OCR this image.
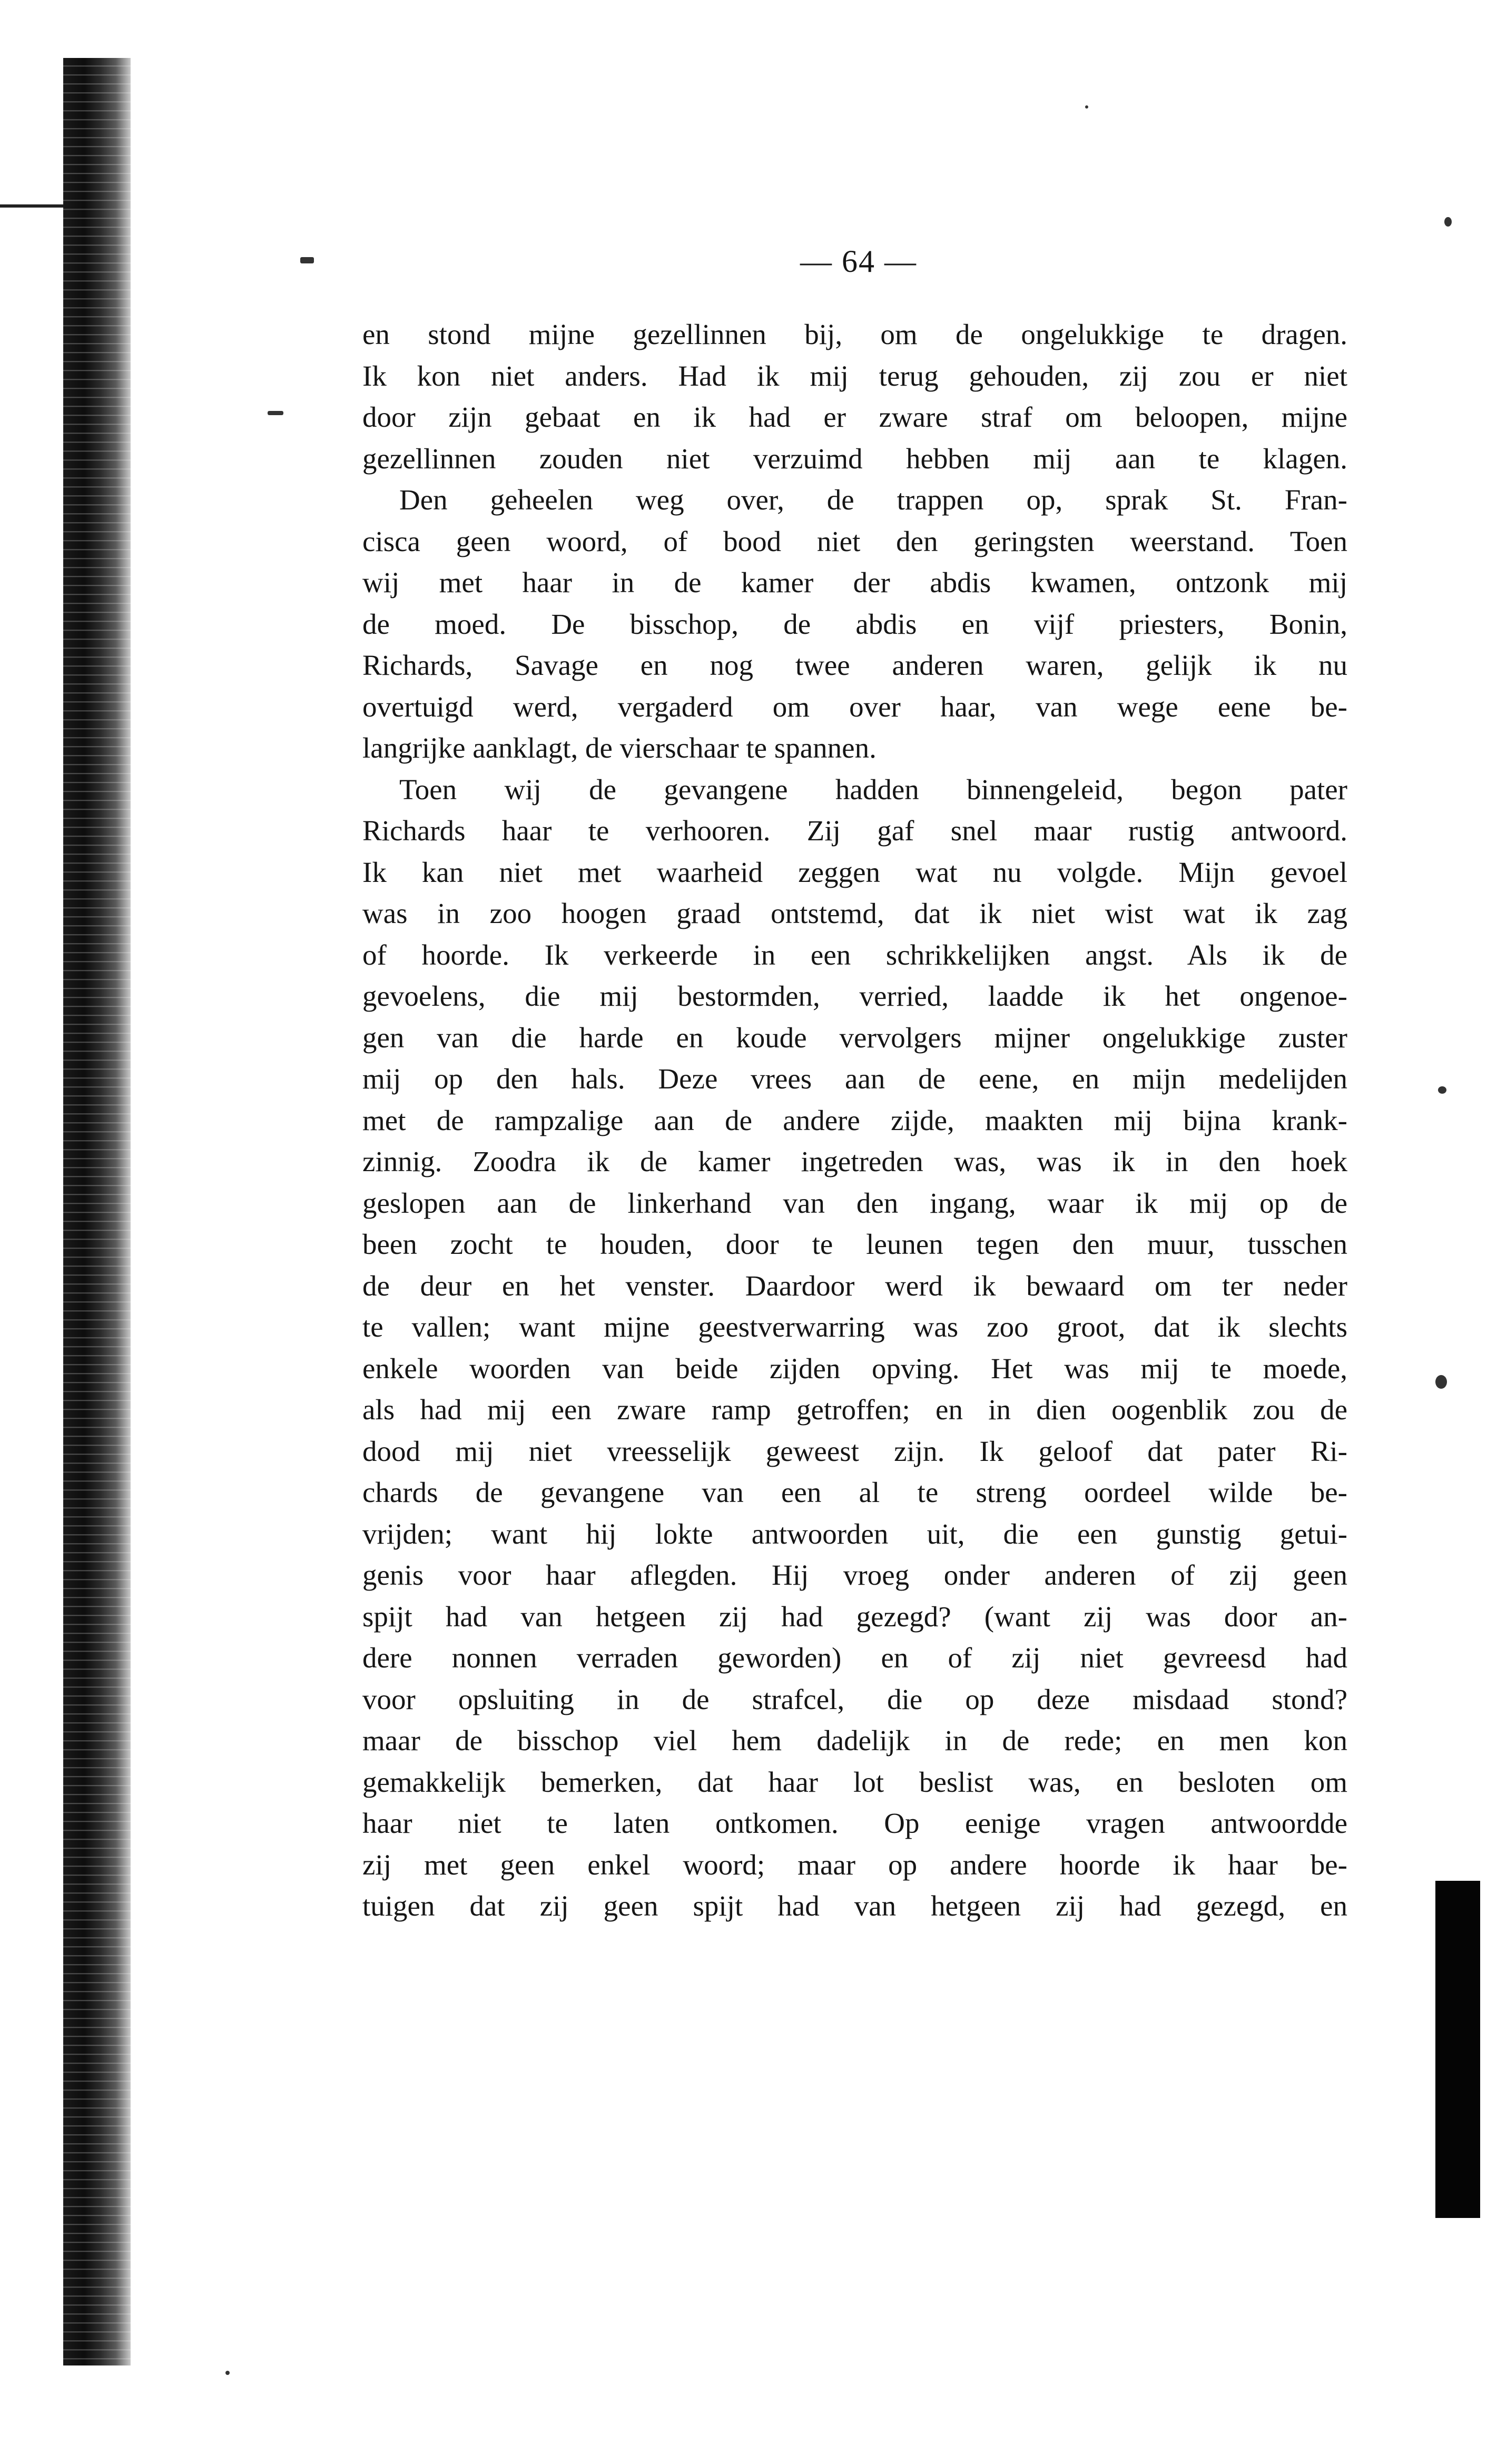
— 64 —
en stond mijne gezellinnen bij, om de ongelukkige te dragen.
Ik kon niet anders. Had ik mij terug gehouden, zij zou er niet
door zijn gebaat en ik had er zware straf om beloopen, mijne
gezellinnen zouden niet verzuimd hebben mij aan te klagen.
Den geheelen weg over, de trappen op, sprak St. Fran-
cisca geen woord, of bood niet den geringsten weerstand. Toen
wij met haar in de kamer der abdis kwamen, ontzonk mij
de moed. De bisschop, de abdis en vijf priesters, Bonin,
Richards, Savage en nog twee anderen waren, gelijk ik nu
overtuigd werd, vergaderd om over haar, van wege eene be-
langrijke aanklagt, de vierschaar te spannen.
Toen wij de gevangene hadden binnengeleid, begon pater
Richards haar te verhooren. Zij gaf snel maar rustig antwoord.
Ik kan niet met waarheid zeggen wat nu volgde. Mijn gevoel
was in zoo hoogen graad ontstemd, dat ik niet wist wat ik zag
of hoorde. Ik verkeerde in een schrikkelijken angst. Als ik de
gevoelens, die mij bestormden, verried, laadde ik het ongenoe-
gen van die harde en koude vervolgers mijner ongelukkige zuster
mij op den hals. Deze vrees aan de eene, en mijn medelijden
met de rampzalige aan de andere zijde, maakten mij bijna krank-
zinnig. Zoodra ik de kamer ingetreden was, was ik in den hoek
geslopen aan de linkerhand van den ingang, waar ik mij op de
been zocht te houden, door te leunen tegen den muur, tusschen
de deur en het venster. Daardoor werd ik bewaard om ter neder
te vallen; want mijne geestverwarring was zoo groot, dat ik slechts
enkele woorden van beide zijden opving. Het was mij te moede,
als had mij een zware ramp getroffen; en in dien oogenblik zou de
dood mij niet vreesselijk geweest zijn. Ik geloof dat pater Ri-
chards de gevangene van een al te streng oordeel wilde be-
vrijden; want hij lokte antwoorden uit, die een gunstig getui-
genis voor haar aflegden. Hij vroeg onder anderen of zij geen
spijt had van hetgeen zij had gezegd? (want zij was door an-
dere nonnen verraden geworden) en of zij niet gevreesd had
voor opsluiting in de strafcel, die op deze misdaad stond?
maar de bisschop viel hem dadelijk in de rede; en men kon
gemakkelijk bemerken, dat haar lot beslist was, en besloten om
haar niet te laten ontkomen. Op eenige vragen antwoordde
zij met geen enkel woord; maar op andere hoorde ik haar be-
tuigen dat zij geen spijt had van hetgeen zij had gezegd, en
